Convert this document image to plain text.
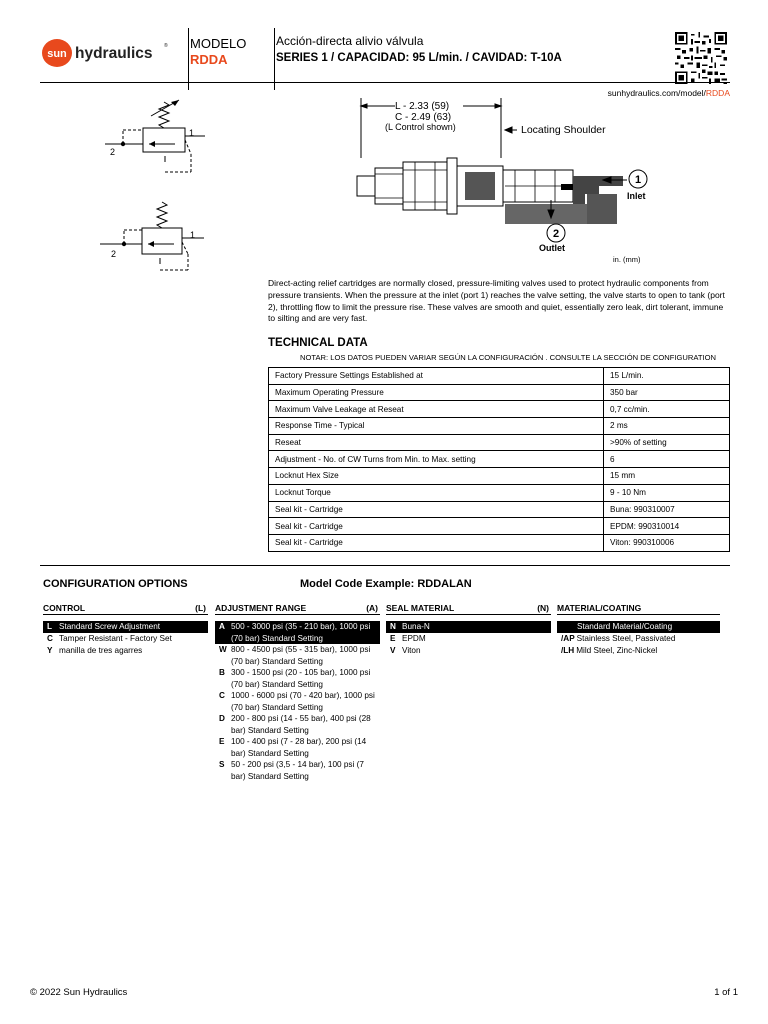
sun hydraulics ® MODELO
RDDA
Acción-directa alivio válvula
SERIES 1 / CAPACIDAD: 95 L/min. / CAVIDAD: T-10A
sunhydraulics.com/model/RDDA
1
2
1
2
L - 2.33 (59)
C - 2.49 (63)
(L Control shown)	Locating Shoulder
1
Inlet
2
Outlet
in. (mm)
Direct-acting relief cartridges are normally closed, pressure-limiting valves used to protect hydraulic components from pressure transients. When the pressure at the inlet (port 1) reaches the valve setting, the valve starts to open to tank (port 2), throttling flow to limit the pressure rise. These valves are smooth and quiet, essentially zero leak, dirt tolerant, immune to silting and are very fast.
TECHNICAL DATA
NOTAR: LOS DATOS PUEDEN VARIAR SEGÚN LA CONFIGURACIÓN . CONSULTE LA SECCIÓN DE CONFIGURATION
Factory Pressure Settings Established at	15 L/min.
Maximum Operating Pressure	350 bar
Maximum Valve Leakage at Reseat	0,7 cc/min.
Response Time - Typical	2 ms
Reseat	>90% of setting
Adjustment - No. of CW Turns from Min. to Max. setting	6
Locknut Hex Size	15 mm
Locknut Torque	9 - 10 Nm
Seal kit - Cartridge	Buna: 990310007
Seal kit - Cartridge	EPDM: 990310014
Seal kit - Cartridge	Viton: 990310006
CONFIGURATION OPTIONS	Model Code Example: RDDALAN
CONTROL	(L)
L Standard Screw Adjustment
C Tamper Resistant - Factory Set
Y manilla de tres agarres
ADJUSTMENT RANGE	(A)
A 500 - 3000 psi (35 - 210 bar), 1000 psi (70 bar) Standard Setting
W 800 - 4500 psi (55 - 315 bar), 1000 psi (70 bar) Standard Setting
B 300 - 1500 psi (20 - 105 bar), 1000 psi (70 bar) Standard Setting
C 1000 - 6000 psi (70 - 420 bar), 1000 psi (70 bar) Standard Setting
D 200 - 800 psi (14 - 55 bar), 400 psi (28 bar) Standard Setting
E 100 - 400 psi (7 - 28 bar), 200 psi (14 bar) Standard Setting
S 50 - 200 psi (3,5 - 14 bar), 100 psi (7 bar) Standard Setting
SEAL MATERIAL	(N)
N Buna-N
E EPDM
V Viton
MATERIAL/COATING
Standard Material/Coating
/AP Stainless Steel, Passivated
/LH Mild Steel, Zinc-Nickel
© 2022 Sun Hydraulics	1 of 1
